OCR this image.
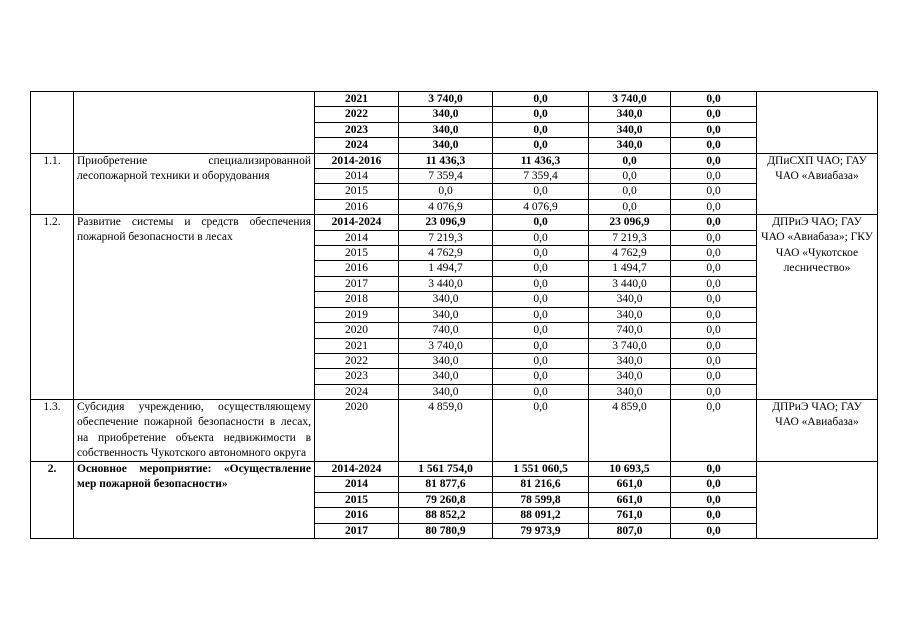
		2021	3 740,0	0,0	3 740,0	0,0	
		2022	340,0	0,0	340,0	0,0	
		2023	340,0	0,0	340,0	0,0	
		2024	340,0	0,0	340,0	0,0	
1.1.	Приобретение специализированной лесопожарной техники и оборудования	2014-2016	11 436,3	11 436,3	0,0	0,0	ДПиСХП ЧАО; ГАУ ЧАО «Авиабаза»
		2014	7 359,4	7 359,4	0,0	0,0	
		2015	0,0	0,0	0,0	0,0	
		2016	4 076,9	4 076,9	0,0	0,0	
1.2.	Развитие системы и средств обеспечения пожарной безопасности в лесах	2014-2024	23 096,9	0,0	23 096,9	0,0	ДПРиЭ ЧАО; ГАУ ЧАО «Авиабаза»; ГКУ ЧАО «Чукотское лесничество»
		2014	7 219,3	0,0	7 219,3	0,0	
		2015	4 762,9	0,0	4 762,9	0,0	
		2016	1 494,7	0,0	1 494,7	0,0	
		2017	3 440,0	0,0	3 440,0	0,0	
		2018	340,0	0,0	340,0	0,0	
		2019	340,0	0,0	340,0	0,0	
		2020	740,0	0,0	740,0	0,0	
		2021	3 740,0	0,0	3 740,0	0,0	
		2022	340,0	0,0	340,0	0,0	
		2023	340,0	0,0	340,0	0,0	
		2024	340,0	0,0	340,0	0,0	
1.3.	Субсидия учреждению, осуществляющему обеспечение пожарной безопасности в лесах, на приобретение объекта недвижимости в собственность Чукотского автономного округа	2020	4 859,0	0,0	4 859,0	0,0	ДПРиЭ ЧАО; ГАУ ЧАО «Авиабаза»
2.	Основное мероприятие: «Осуществление мер пожарной безопасности»	2014-2024	1 561 754,0	1 551 060,5	10 693,5	0,0	
		2014	81 877,6	81 216,6	661,0	0,0	
		2015	79 260,8	78 599,8	661,0	0,0	
		2016	88 852,2	88 091,2	761,0	0,0	
		2017	80 780,9	79 973,9	807,0	0,0	
